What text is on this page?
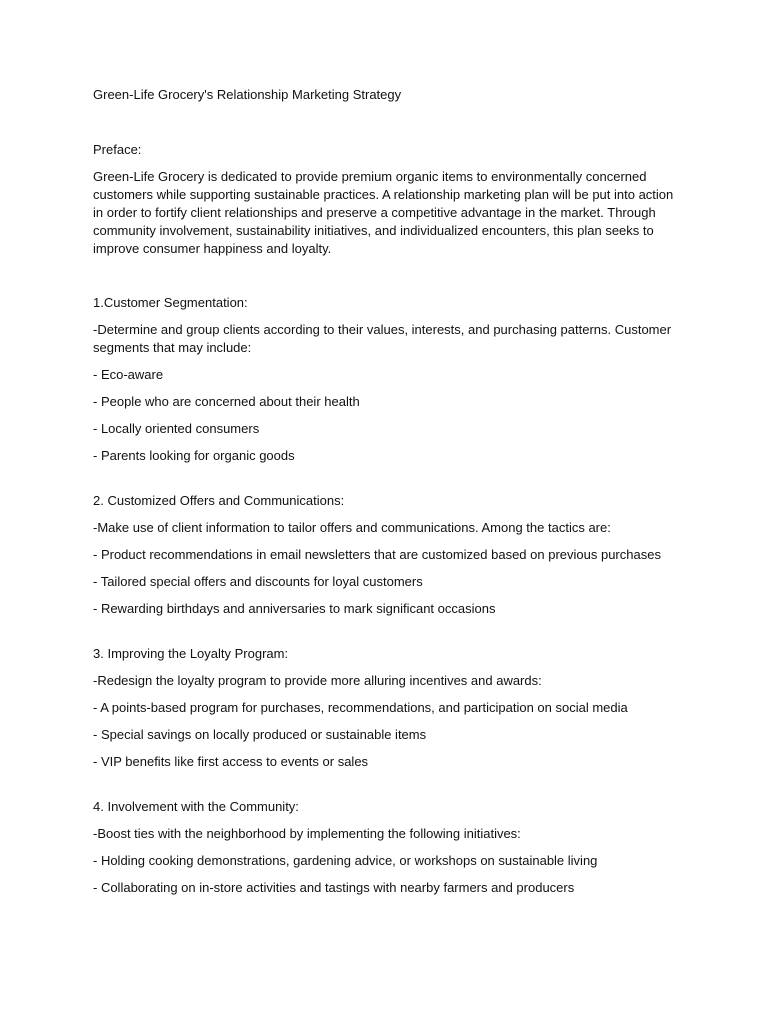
Green-Life Grocery's Relationship Marketing Strategy

Preface:

Green-Life Grocery is dedicated to provide premium organic items to environmentally concerned customers while supporting sustainable practices. A relationship marketing plan will be put into action in order to fortify client relationships and preserve a competitive advantage in the market. Through community involvement, sustainability initiatives, and individualized encounters, this plan seeks to improve consumer happiness and loyalty.

1.Customer Segmentation:

-Determine and group clients according to their values, interests, and purchasing patterns. Customer segments that may include:

- Eco-aware

- People who are concerned about their health

- Locally oriented consumers

- Parents looking for organic goods

2. Customized Offers and Communications:

-Make use of client information to tailor offers and communications. Among the tactics are:

- Product recommendations in email newsletters that are customized based on previous purchases

- Tailored special offers and discounts for loyal customers

- Rewarding birthdays and anniversaries to mark significant occasions

3. Improving the Loyalty Program:

-Redesign the loyalty program to provide more alluring incentives and awards:

- A points-based program for purchases, recommendations, and participation on social media

- Special savings on locally produced or sustainable items

- VIP benefits like first access to events or sales

4. Involvement with the Community:

-Boost ties with the neighborhood by implementing the following initiatives:

- Holding cooking demonstrations, gardening advice, or workshops on sustainable living

- Collaborating on in-store activities and tastings with nearby farmers and producers
